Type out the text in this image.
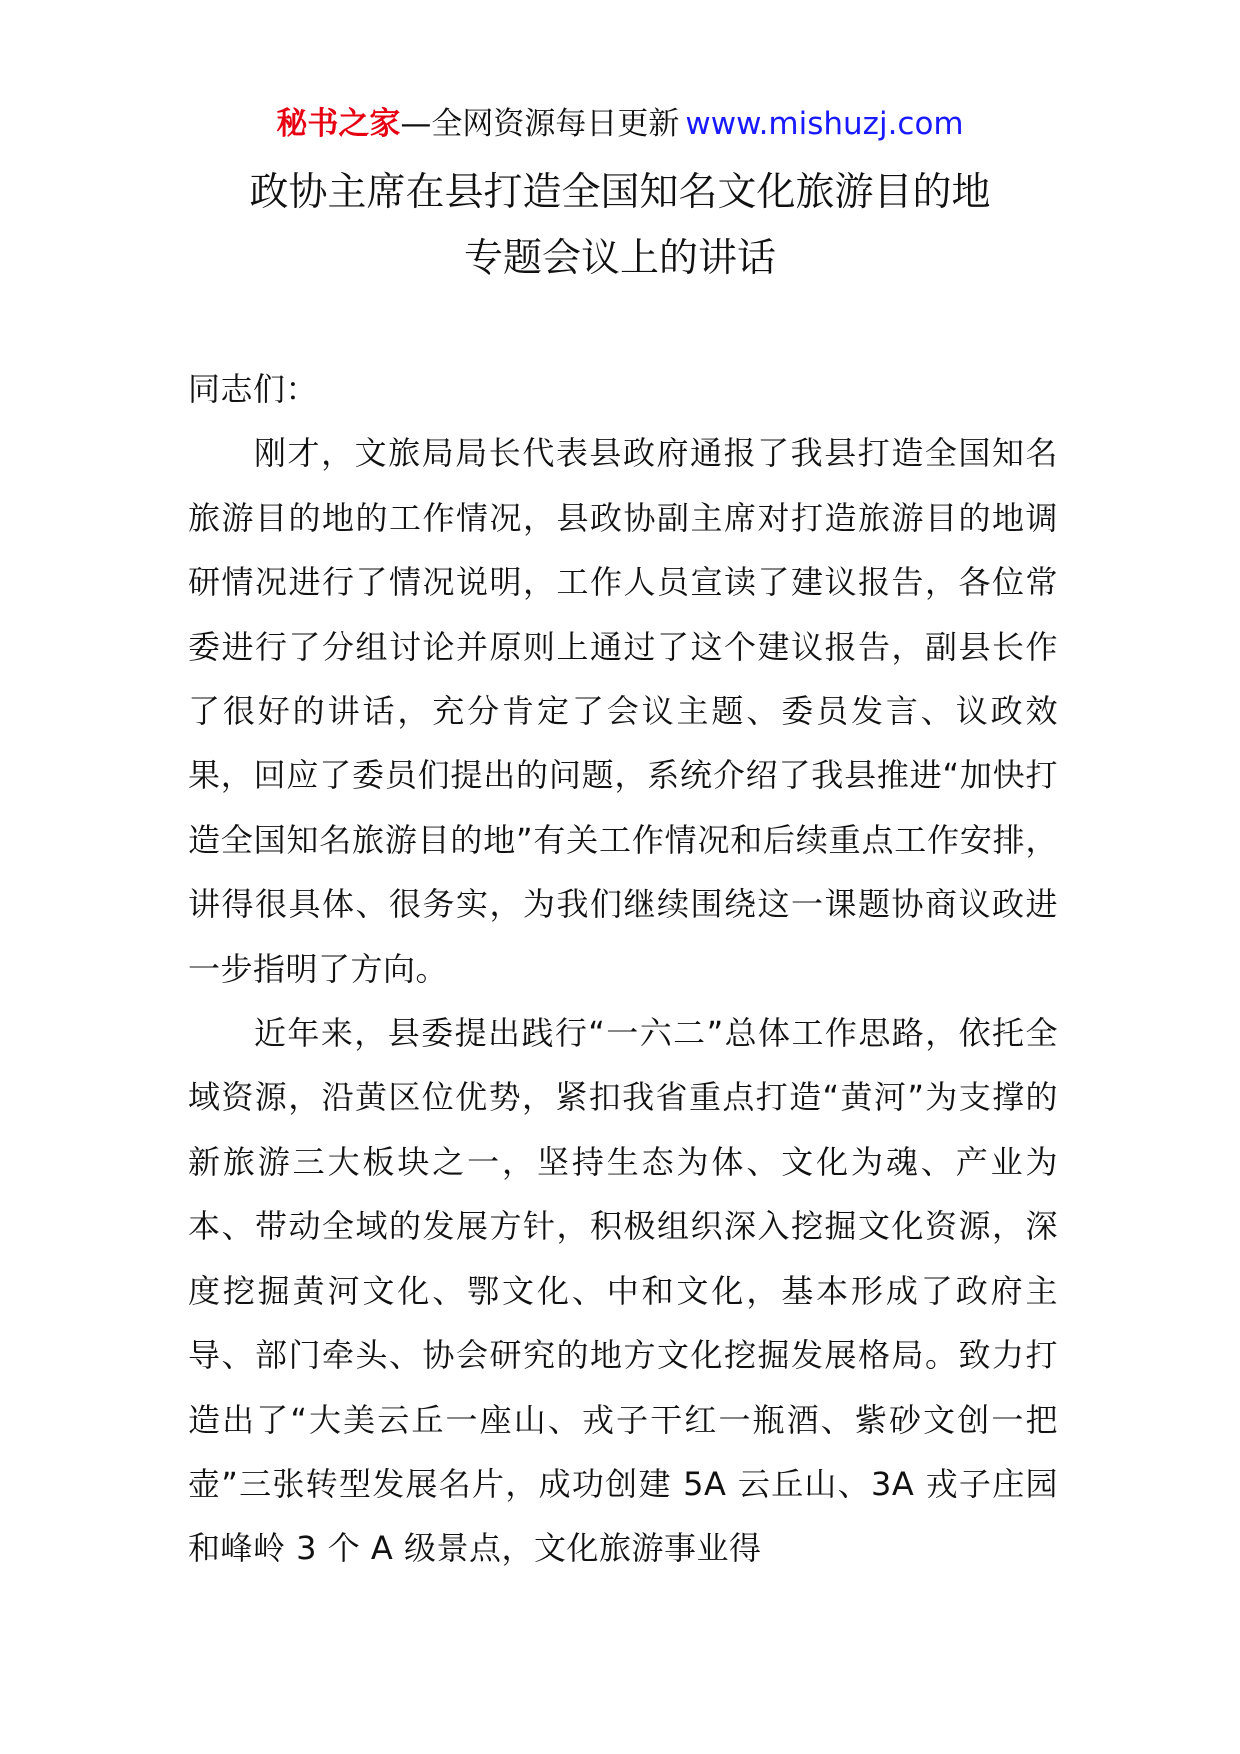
秘书之家—全网资源每日更新 www.mishuzj.com
政协主席在县打造全国知名文化旅游目的地
专题会议上的讲话

同志们：

刚才，文旅局局长代表县政府通报了我县打造全国知名旅游目的地的工作情况，县政协副主席对打造旅游目的地调研情况进行了情况说明，工作人员宣读了建议报告，各位常委进行了分组讨论并原则上通过了这个建议报告，副县长作了很好的讲话，充分肯定了会议主题、委员发言、议政效果，回应了委员们提出的问题，系统介绍了我县推进“加快打造全国知名旅游目的地”有关工作情况和后续重点工作安排，讲得很具体、很务实，为我们继续围绕这一课题协商议政进一步指明了方向。

近年来，县委提出践行“一六二”总体工作思路，依托全域资源，沿黄区位优势，紧扣我省重点打造“黄河”为支撑的新旅游三大板块之一，坚持生态为体、文化为魂、产业为本、带动全域的发展方针，积极组织深入挖掘文化资源，深度挖掘黄河文化、鄂文化、中和文化，基本形成了政府主导、部门牵头、协会研究的地方文化挖掘发展格局。致力打造出了“大美云丘一座山、戎子干红一瓶酒、紫砂文创一把壶”三张转型发展名片，成功创建 5A 云丘山、3A 戎子庄园和峰岭 3 个 A 级景点，文化旅游事业得
